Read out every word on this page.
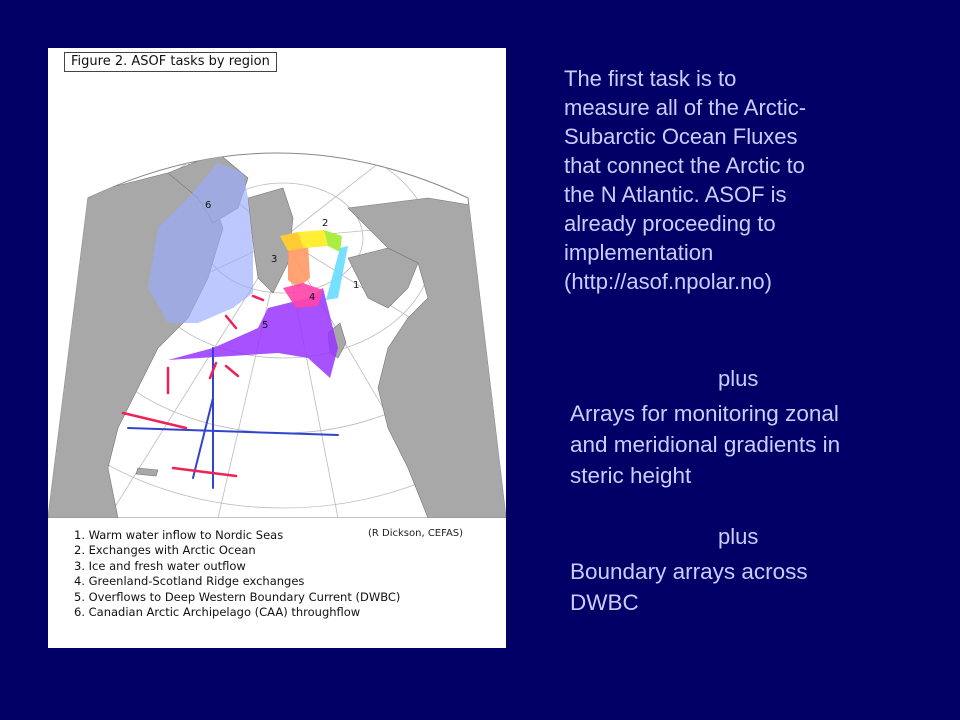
1
2
3
4
5
6
Figure 2. ASOF tasks by region
1. Warm water inflow to Nordic Seas
2. Exchanges with Arctic Ocean
3. Ice and fresh water outflow
4. Greenland-Scotland Ridge exchanges
5. Overflows to Deep Western Boundary Current (DWBC)
6. Canadian Arctic Archipelago (CAA) throughflow
(R Dickson, CEFAS)
The first task is to
measure all of the Arctic-
Subarctic Ocean Fluxes
that connect the Arctic to
the N Atlantic. ASOF is
already proceeding to
implementation
(http://asof.npolar.no)
plus
Arrays for monitoring zonal
and meridional gradients in
steric height
plus
Boundary arrays across
DWBC
